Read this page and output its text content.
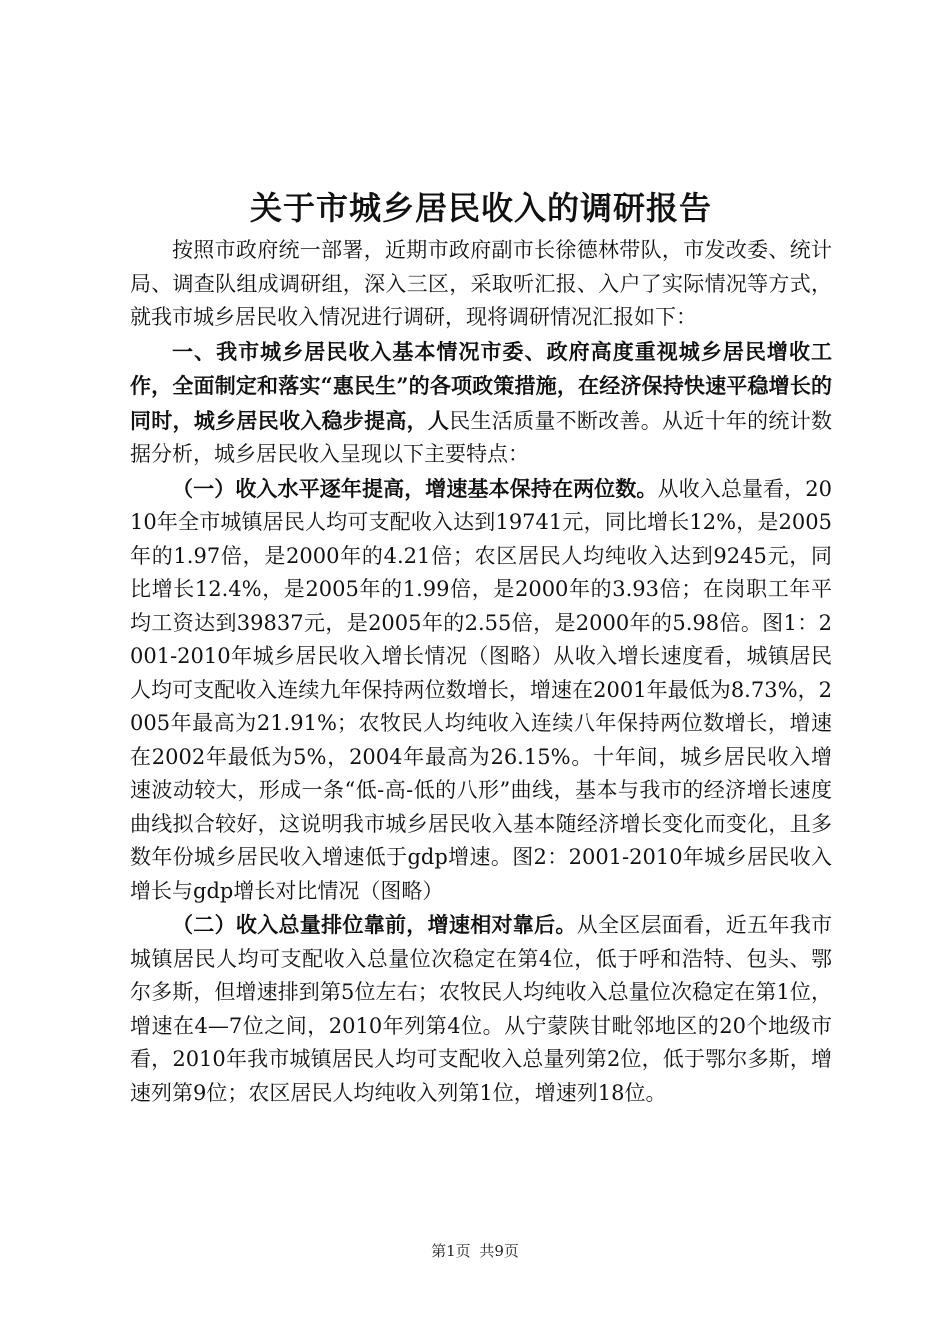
关于市城乡居民收入的调研报告

按照市政府统一部署，近期市政府副市长徐德林带队，市发改委、统计局、调查队组成调研组，深入三区，采取听汇报、入户了实际情况等方式，就我市城乡居民收入情况进行调研，现将调研情况汇报如下：

一、我市城乡居民收入基本情况市委、政府高度重视城乡居民增收工作，全面制定和落实“惠民生”的各项政策措施，在经济保持快速平稳增长的同时，城乡居民收入稳步提高，人民生活质量不断改善。从近十年的统计数据分析，城乡居民收入呈现以下主要特点：

（一）收入水平逐年提高，增速基本保持在两位数。从收入总量看，2010年全市城镇居民人均可支配收入达到19741元，同比增长12%，是2005年的1.97倍，是2000年的4.21倍；农区居民人均纯收入达到9245元，同比增长12.4%，是2005年的1.99倍，是2000年的3.93倍；在岗职工年平均工资达到39837元，是2005年的2.55倍，是2000年的5.98倍。图1：2001-2010年城乡居民收入增长情况（图略）从收入增长速度看，城镇居民人均可支配收入连续九年保持两位数增长，增速在2001年最低为8.73%，2005年最高为21.91%；农牧民人均纯收入连续八年保持两位数增长，增速在2002年最低为5%，2004年最高为26.15%。十年间，城乡居民收入增速波动较大，形成一条“低-高-低的八形”曲线，基本与我市的经济增长速度曲线拟合较好，这说明我市城乡居民收入基本随经济增长变化而变化，且多数年份城乡居民收入增速低于gdp增速。图2：2001-2010年城乡居民收入增长与gdp增长对比情况（图略）

（二）收入总量排位靠前，增速相对靠后。从全区层面看，近五年我市城镇居民人均可支配收入总量位次稳定在第4位，低于呼和浩特、包头、鄂尔多斯，但增速排到第5位左右；农牧民人均纯收入总量位次稳定在第1位，增速在4—7位之间，2010年列第4位。从宁蒙陕甘毗邻地区的20个地级市看，2010年我市城镇居民人均可支配收入总量列第2位，低于鄂尔多斯，增速列第9位；农区居民人均纯收入列第1位，增速列18位。

第1页 共9页
